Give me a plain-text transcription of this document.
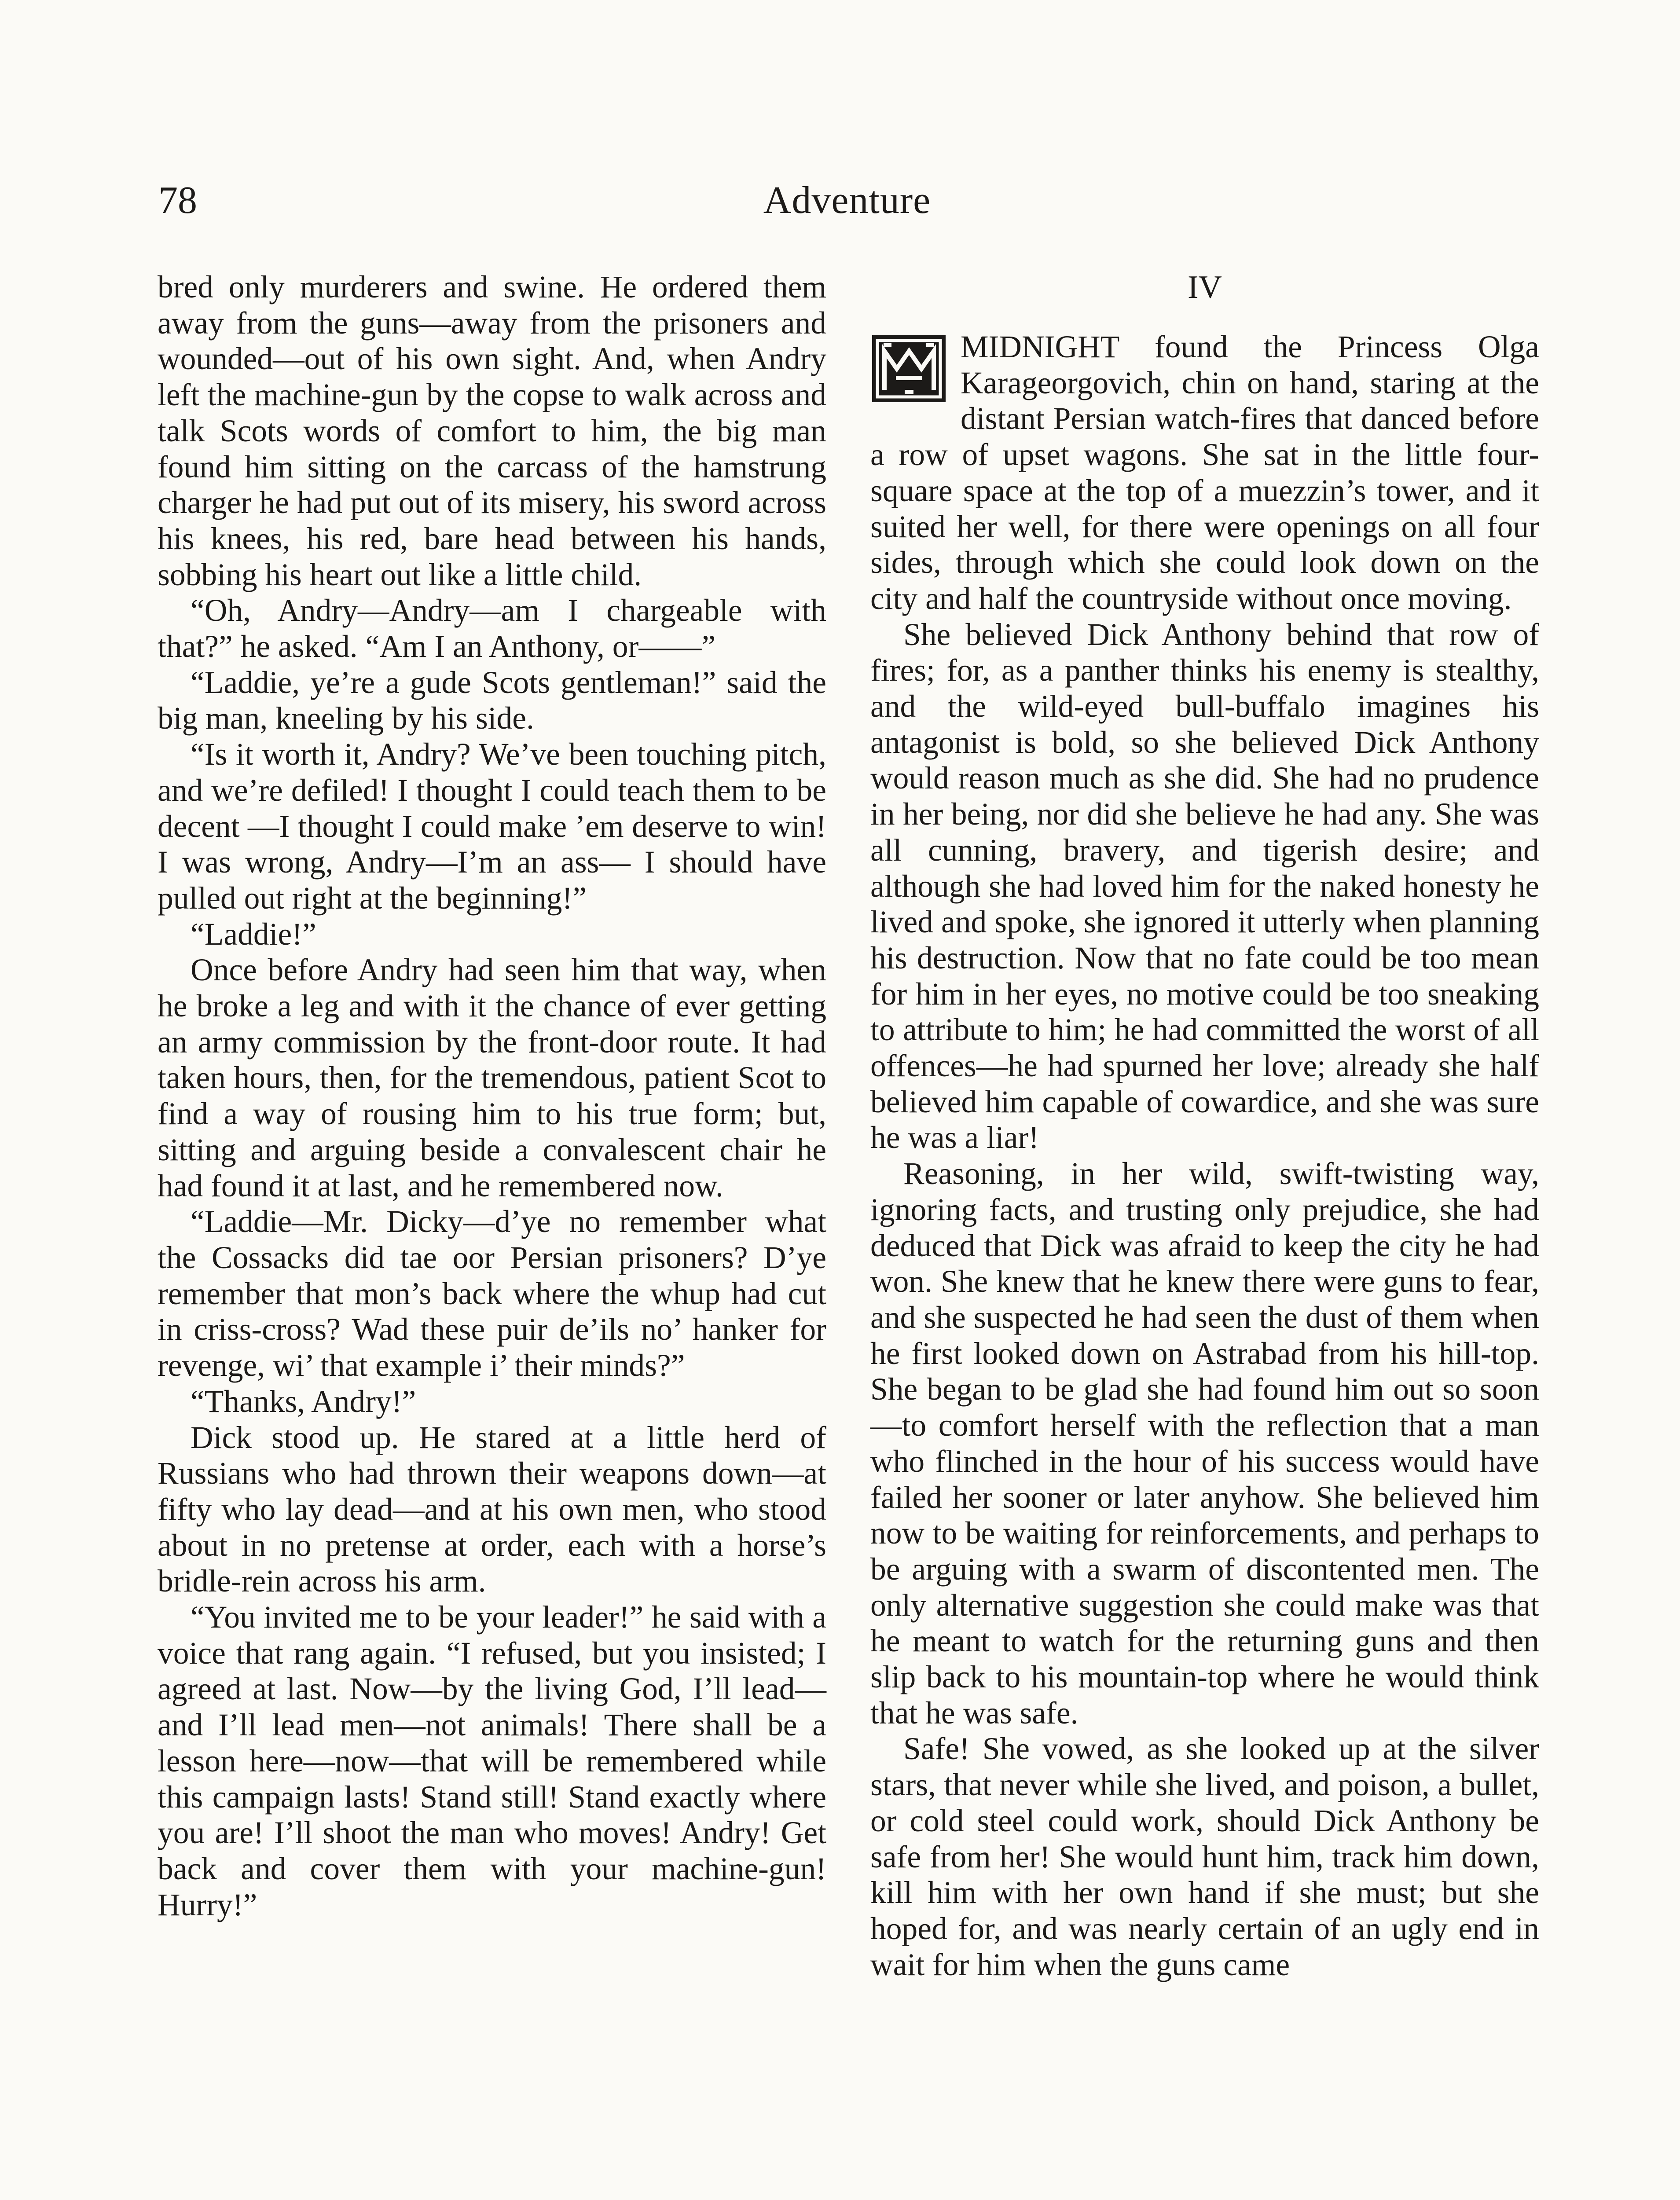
78	Adventure

bred only murderers and swine. He ordered them away from the guns—away from the prisoners and wounded—out of his own sight. And, when Andry left the machine-gun by the copse to walk across and talk Scots words of comfort to him, the big man found him sitting on the carcass of the hamstrung charger he had put out of its misery, his sword across his knees, his red, bare head between his hands, sobbing his heart out like a little child.

“Oh, Andry—Andry—am I chargeable with that?” he asked. “Am I an Anthony, or——”

“Laddie, ye’re a gude Scots gentleman!” said the big man, kneeling by his side.

“Is it worth it, Andry? We’ve been touching pitch, and we’re defiled! I thought I could teach them to be decent —I thought I could make ’em deserve to win! I was wrong, Andry—I’m an ass— I should have pulled out right at the beginning!”

“Laddie!”

Once before Andry had seen him that way, when he broke a leg and with it the chance of ever getting an army commission by the front-door route. It had taken hours, then, for the tremendous, patient Scot to find a way of rousing him to his true form; but, sitting and arguing beside a convalescent chair he had found it at last, and he remembered now.

“Laddie—Mr. Dicky—d’ye no remember what the Cossacks did tae oor Persian prisoners? D’ye remember that mon’s back where the whup had cut in criss-cross? Wad these puir de’ils no’ hanker for revenge, wi’ that example i’ their minds?”

“Thanks, Andry!”

Dick stood up. He stared at a little herd of Russians who had thrown their weapons down—at fifty who lay dead—and at his own men, who stood about in no pretense at order, each with a horse’s bridle-rein across his arm.

“You invited me to be your leader!” he said with a voice that rang again. “I refused, but you insisted; I agreed at last. Now—by the living God, I’ll lead—and I’ll lead men—not animals! There shall be a lesson here—now—that will be remembered while this campaign lasts! Stand still! Stand exactly where you are! I’ll shoot the man who moves! Andry! Get back and cover them with your machine-gun! Hurry!”

IV

MIDNIGHT found the Princess Olga Karageorgovich, chin on hand, staring at the distant Persian watch-fires that danced before a row of upset wagons. She sat in the little four-square space at the top of a muezzin’s tower, and it suited her well, for there were openings on all four sides, through which she could look down on the city and half the countryside without once moving.

She believed Dick Anthony behind that row of fires; for, as a panther thinks his enemy is stealthy, and the wild-eyed bull-buffalo imagines his antagonist is bold, so she believed Dick Anthony would reason much as she did. She had no prudence in her being, nor did she believe he had any. She was all cunning, bravery, and tigerish desire; and although she had loved him for the naked honesty he lived and spoke, she ignored it utterly when planning his destruction. Now that no fate could be too mean for him in her eyes, no motive could be too sneaking to attribute to him; he had committed the worst of all offences—he had spurned her love; already she half believed him capable of cowardice, and she was sure he was a liar!

Reasoning, in her wild, swift-twisting way, ignoring facts, and trusting only prejudice, she had deduced that Dick was afraid to keep the city he had won. She knew that he knew there were guns to fear, and she suspected he had seen the dust of them when he first looked down on Astrabad from his hill-top. She began to be glad she had found him out so soon—to comfort herself with the reflection that a man who flinched in the hour of his success would have failed her sooner or later anyhow. She believed him now to be waiting for reinforcements, and perhaps to be arguing with a swarm of discontented men. The only alternative suggestion she could make was that he meant to watch for the returning guns and then slip back to his mountain-top where he would think that he was safe.

Safe! She vowed, as she looked up at the silver stars, that never while she lived, and poison, a bullet, or cold steel could work, should Dick Anthony be safe from her! She would hunt him, track him down, kill him with her own hand if she must; but she hoped for, and was nearly certain of an ugly end in wait for him when the guns came
